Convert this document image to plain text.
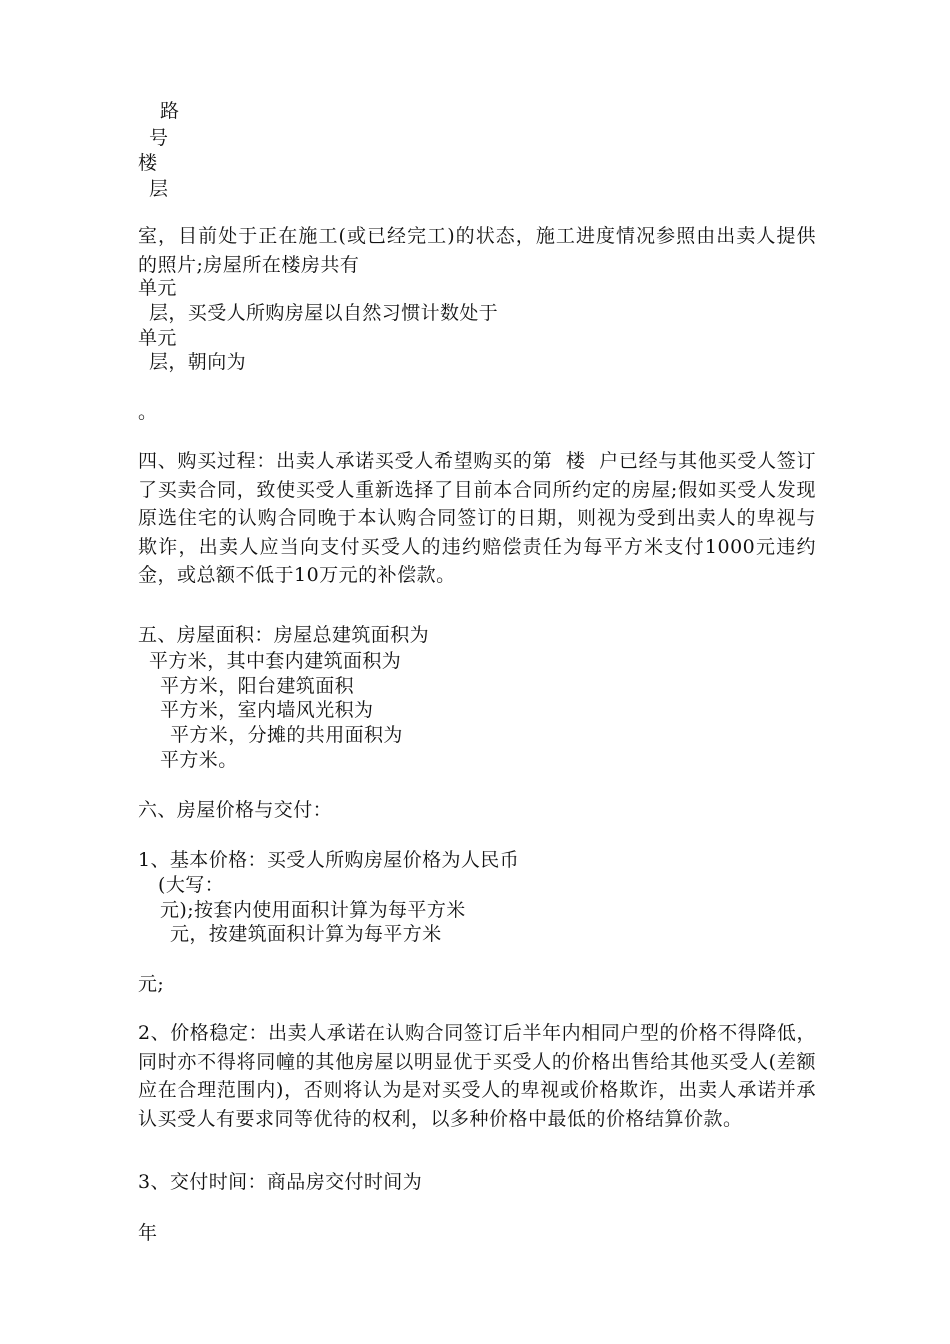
路
号
楼
层
室，目前处于正在施工(或已经完工)的状态，施工进度情况参照由出卖人提供的照片;房屋所在楼房共有
单元
层，买受人所购房屋以自然习惯计数处于
单元
层，朝向为
。
四、购买过程：出卖人承诺买受人希望购买的第  楼  户已经与其他买受人签订了买卖合同，致使买受人重新选择了目前本合同所约定的房屋;假如买受人发现原选住宅的认购合同晚于本认购合同签订的日期，则视为受到出卖人的卑视与欺诈，出卖人应当向支付买受人的违约赔偿责任为每平方米支付1000元违约金，或总额不低于10万元的补偿款。
五、房屋面积：房屋总建筑面积为
平方米，其中套内建筑面积为
平方米，阳台建筑面积
平方米，室内墙风光积为
平方米，分摊的共用面积为
平方米。
六、房屋价格与交付：
1、基本价格：买受人所购房屋价格为人民币
(大写：
元);按套内使用面积计算为每平方米
元，按建筑面积计算为每平方米
元;
2、价格稳定：出卖人承诺在认购合同签订后半年内相同户型的价格不得降低，同时亦不得将同幢的其他房屋以明显优于买受人的价格出售给其他买受人(差额应在合理范围内)，否则将认为是对买受人的卑视或价格欺诈，出卖人承诺并承认买受人有要求同等优待的权利，以多种价格中最低的价格结算价款。
3、交付时间：商品房交付时间为
年
